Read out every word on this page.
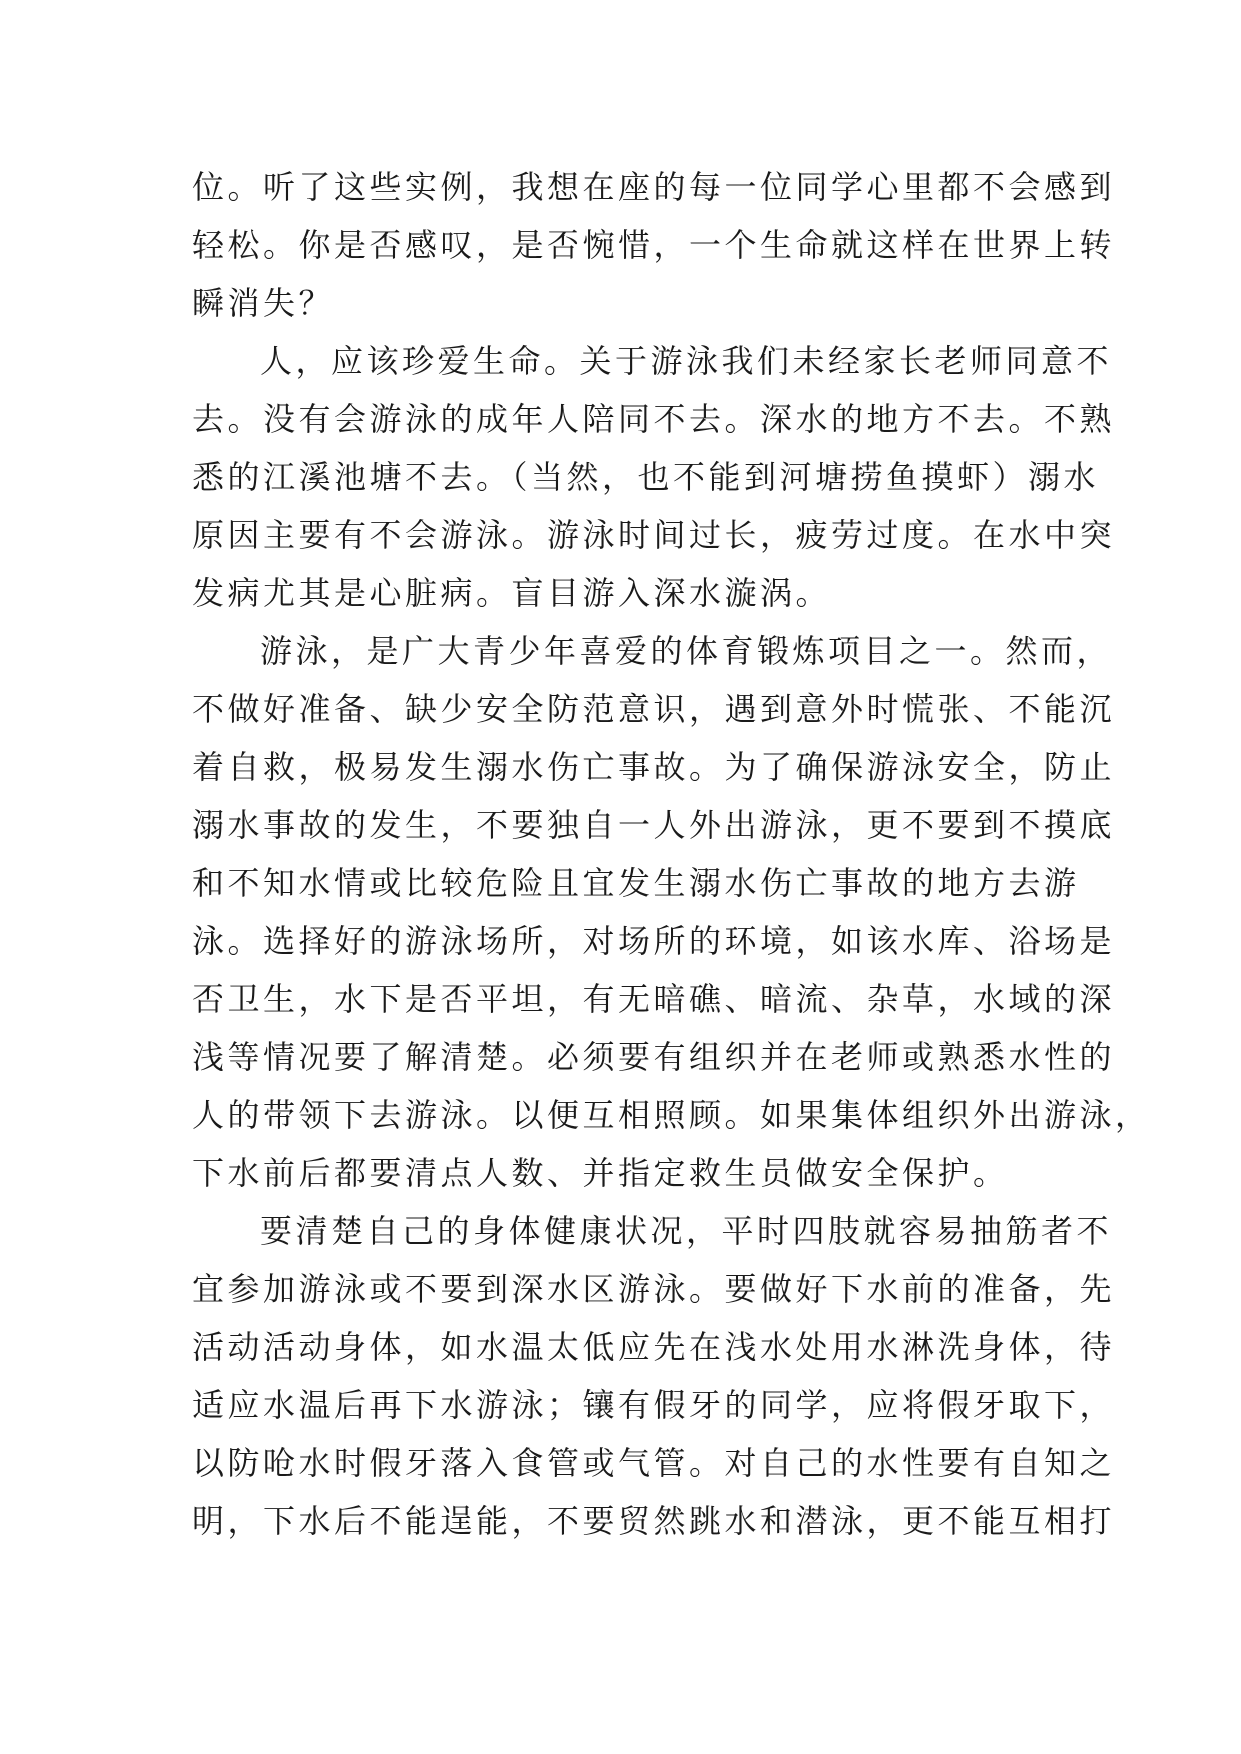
位。听了这些实例，我想在座的每一位同学心里都不会感到
轻松。你是否感叹，是否惋惜，一个生命就这样在世界上转
瞬消失？
人，应该珍爱生命。关于游泳我们未经家长老师同意不
去。没有会游泳的成年人陪同不去。深水的地方不去。不熟
悉的江溪池塘不去。（当然，也不能到河塘捞鱼摸虾）溺水
原因主要有不会游泳。游泳时间过长，疲劳过度。在水中突
发病尤其是心脏病。盲目游入深水漩涡。
游泳，是广大青少年喜爱的体育锻炼项目之一。然而，
不做好准备、缺少安全防范意识，遇到意外时慌张、不能沉
着自救，极易发生溺水伤亡事故。为了确保游泳安全，防止
溺水事故的发生，不要独自一人外出游泳，更不要到不摸底
和不知水情或比较危险且宜发生溺水伤亡事故的地方去游
泳。选择好的游泳场所，对场所的环境，如该水库、浴场是
否卫生，水下是否平坦，有无暗礁、暗流、杂草，水域的深
浅等情况要了解清楚。必须要有组织并在老师或熟悉水性的
人的带领下去游泳。以便互相照顾。如果集体组织外出游泳，
下水前后都要清点人数、并指定救生员做安全保护。
要清楚自己的身体健康状况，平时四肢就容易抽筋者不
宜参加游泳或不要到深水区游泳。要做好下水前的准备，先
活动活动身体，如水温太低应先在浅水处用水淋洗身体，待
适应水温后再下水游泳；镶有假牙的同学，应将假牙取下，
以防呛水时假牙落入食管或气管。对自己的水性要有自知之
明，下水后不能逞能，不要贸然跳水和潜泳，更不能互相打
